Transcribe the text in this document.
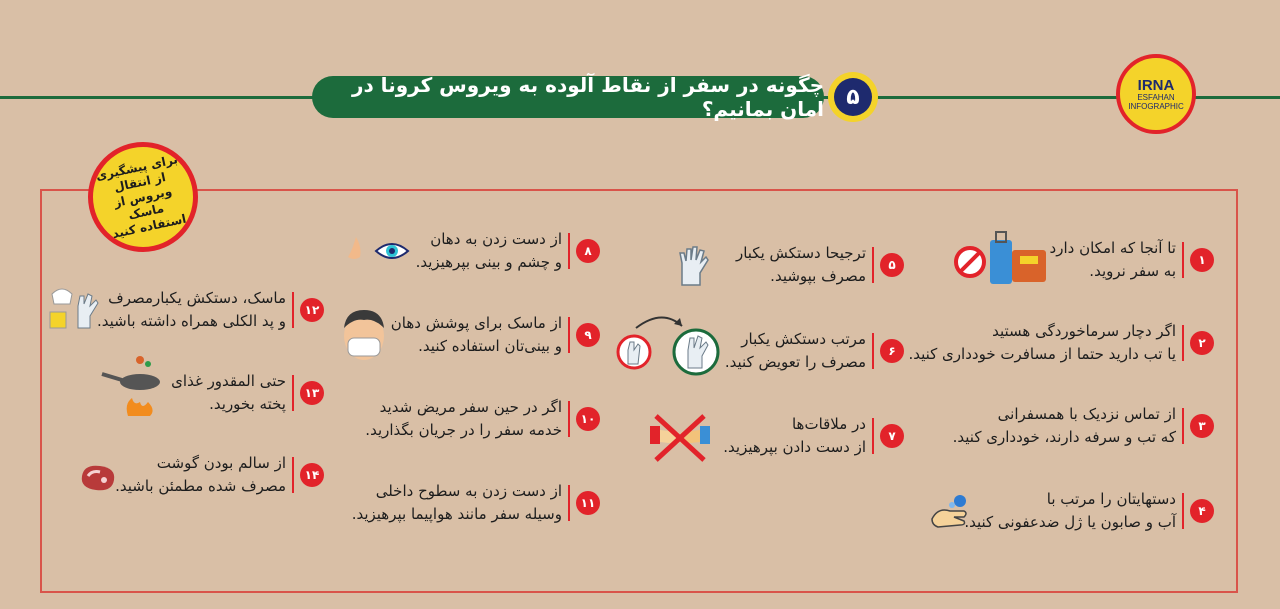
چگونه در سفر از نقاط آلوده به ویروس کرونا در امان بمانیم؟	۵	IRNA
ESFAHAN
INFOGRAPHIC
برای پیشگیری از انتقال ویروس از ماسک استفاده کنید
۱
تا آنجا که امکان دارد
به سفر نروید.
۲
اگر دچار سرماخوردگی هستید
یا تب دارید حتما از مسافرت خودداری کنید.
۳
از تماس نزدیک با همسفرانی
که تب و سرفه دارند، خودداری کنید.
۴
دستهایتان را مرتب با
آب و صابون یا ژل ضدعفونی کنید.
۵
ترجیحا دستکش یکبار
مصرف بپوشید.
۶
مرتب دستکش یکبار
مصرف را تعویض کنید.
۷
در ملاقات‌ها
از دست دادن بپرهیزید.
۸
از دست زدن به دهان
و چشم و بینی بپرهیزید.
۹
از ماسک برای پوشش دهان
و بینی‌تان استفاده کنید.
۱۰
اگر در حین سفر مریض شدید
خدمه سفر را در جریان بگذارید.
۱۱
از دست زدن به سطوح داخلی
وسیله سفر مانند هواپیما بپرهیزید.
۱۲
ماسک، دستکش یکبارمصرف
و پد الکلی همراه داشته باشید.
۱۳
حتی المقدور غذای
پخته بخورید.
۱۴
از سالم بودن گوشت
مصرف شده مطمئن باشید.
